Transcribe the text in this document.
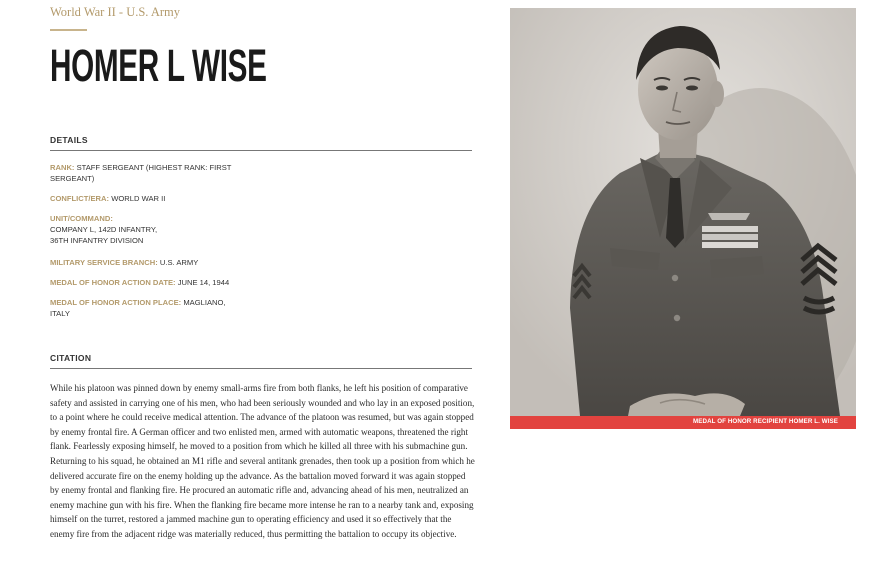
World War II - U.S. Army
HOMER L WISE
DETAILS
RANK: STAFF SERGEANT (HIGHEST RANK: FIRST SERGEANT)
CONFLICT/ERA: WORLD WAR II
UNIT/COMMAND:
COMPANY L, 142D INFANTRY,
36TH INFANTRY DIVISION
MILITARY SERVICE BRANCH: U.S. ARMY
MEDAL OF HONOR ACTION DATE: JUNE 14, 1944
MEDAL OF HONOR ACTION PLACE: MAGLIANO, ITALY
CITATION
While his platoon was pinned down by enemy small-arms fire from both flanks, he left his position of comparative safety and assisted in carrying one of his men, who had been seriously wounded and who lay in an exposed position, to a point where he could receive medical attention. The advance of the platoon was resumed, but was again stopped by enemy frontal fire. A German officer and two enlisted men, armed with automatic weapons, threatened the right flank. Fearlessly exposing himself, he moved to a position from which he killed all three with his submachine gun. Returning to his squad, he obtained an M1 rifle and several antitank grenades, then took up a position from which he delivered accurate fire on the enemy holding up the advance. As the battalion moved forward it was again stopped by enemy frontal and flanking fire. He procured an automatic rifle and, advancing ahead of his men, neutralized an enemy machine gun with his fire. When the flanking fire became more intense he ran to a nearby tank and, exposing himself on the turret, restored a jammed machine gun to operating efficiency and used it so effectively that the enemy fire from the adjacent ridge was materially reduced, thus permitting the battalion to occupy its objective.
MEDAL OF HONOR RECIPIENT HOMER L. WISE
